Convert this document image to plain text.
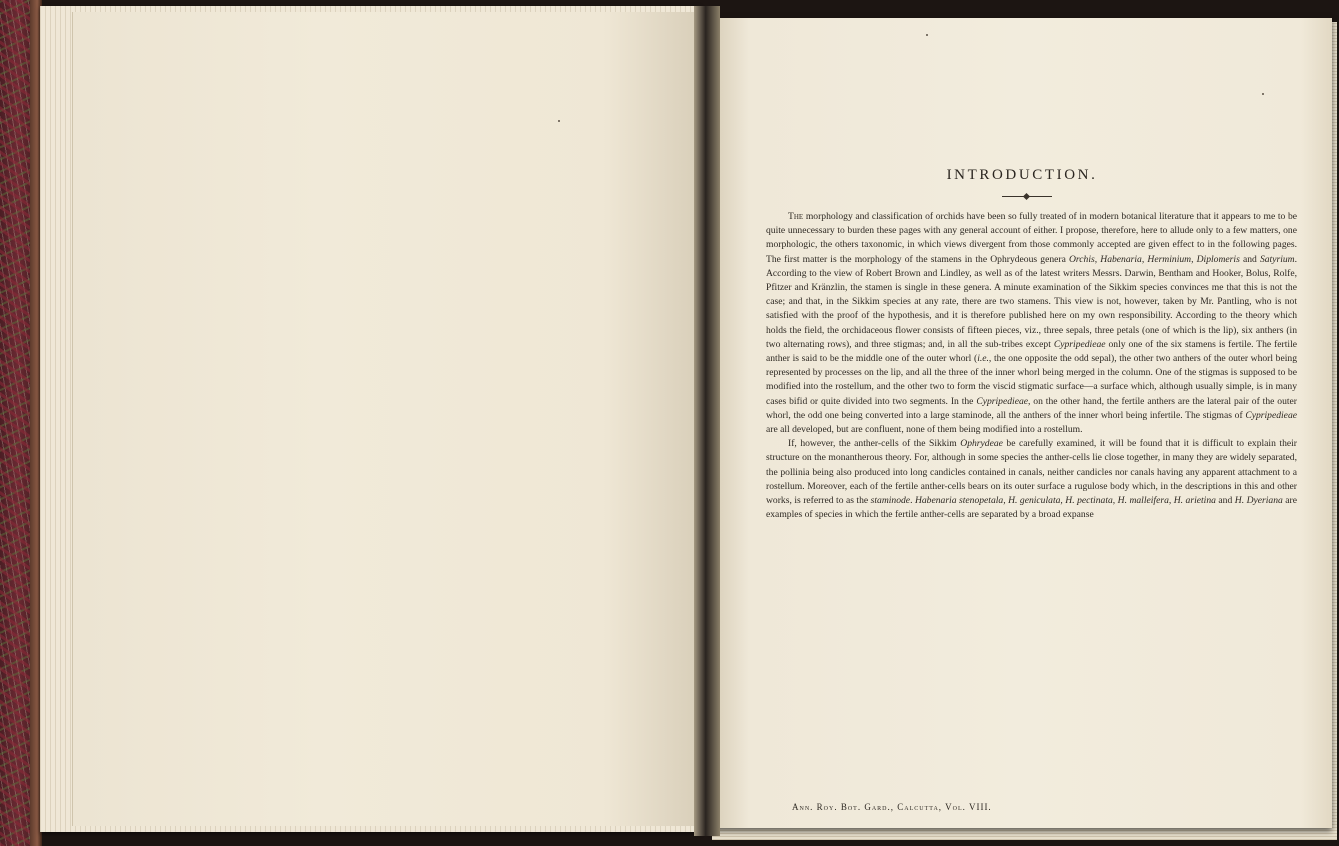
INTRODUCTION.

The morphology and classification of orchids have been so fully treated of in modern botanical literature that it appears to me to be quite unnecessary to burden these pages with any general account of either. I propose, therefore, here to allude only to a few matters, one morphologic, the others taxonomic, in which views divergent from those commonly accepted are given effect to in the following pages. The first matter is the morphology of the stamens in the Ophrydeous genera Orchis, Habenaria, Herminium, Diplomeris and Satyrium. According to the view of Robert Brown and Lindley, as well as of the latest writers Messrs. Darwin, Bentham and Hooker, Bolus, Rolfe, Pfitzer and Kränzlin, the stamen is single in these genera. A minute examination of the Sikkim species convinces me that this is not the case; and that, in the Sikkim species at any rate, there are two stamens. This view is not, however, taken by Mr. Pantling, who is not satisfied with the proof of the hypothesis, and it is therefore published here on my own responsibility. According to the theory which holds the field, the orchidaceous flower consists of fifteen pieces, viz., three sepals, three petals (one of which is the lip), six anthers (in two alternating rows), and three stigmas; and, in all the sub-tribes except Cypripedieae only one of the six stamens is fertile. The fertile anther is said to be the middle one of the outer whorl (i.e., the one opposite the odd sepal), the other two anthers of the outer whorl being represented by processes on the lip, and all the three of the inner whorl being merged in the column. One of the stigmas is supposed to be modified into the rostellum, and the other two to form the viscid stigmatic surface—a surface which, although usually simple, is in many cases bifid or quite divided into two segments. In the Cypripedieae, on the other hand, the fertile anthers are the lateral pair of the outer whorl, the odd one being converted into a large staminode, all the anthers of the inner whorl being infertile. The stigmas of Cypripedieae are all developed, but are confluent, none of them being modified into a rostellum.

If, however, the anther-cells of the Sikkim Ophrydeae be carefully examined, it will be found that it is difficult to explain their structure on the monantherous theory. For, although in some species the anther-cells lie close together, in many they are widely separated, the pollinia being also produced into long candicles contained in canals, neither candicles nor canals having any apparent attachment to a rostellum. Moreover, each of the fertile anther-cells bears on its outer surface a rugulose body which, in the descriptions in this and other works, is referred to as the staminode. Habenaria stenopetala, H. geniculata, H. pectinata, H. malleifera, H. arietina and H. Dyeriana are examples of species in which the fertile anther-cells are separated by a broad expanse

Ann. Roy. Bot. Gard., Calcutta, Vol. VIII.
